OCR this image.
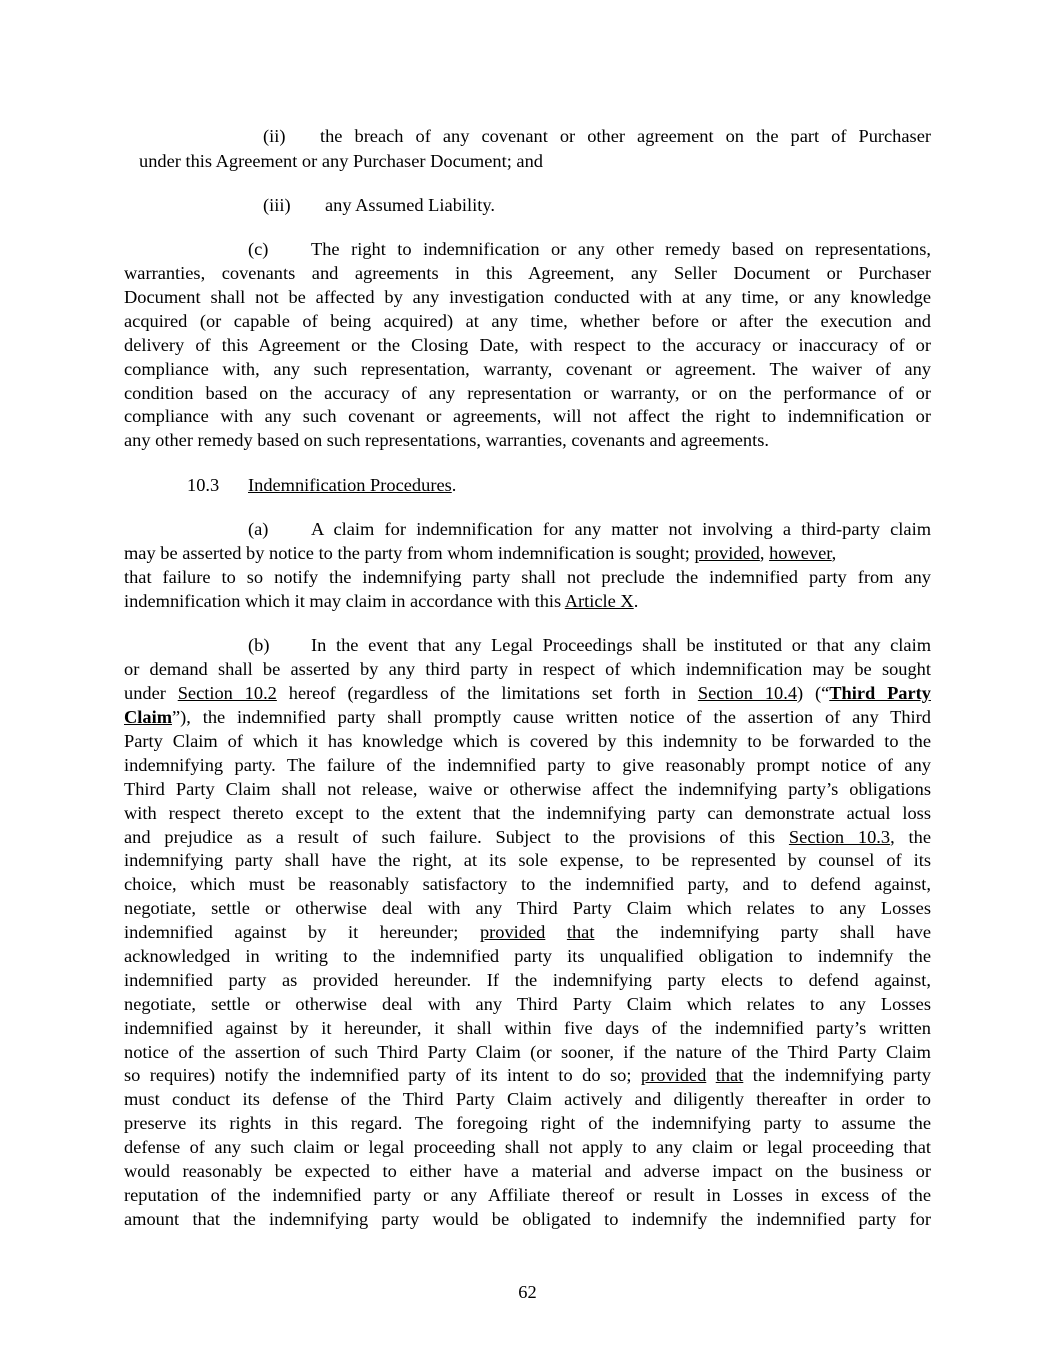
(ii) the breach of any covenant or other agreement on the part of Purchaser
under this Agreement or any Purchaser Document; and
(iii) any Assumed Liability.
(c) The right to indemnification or any other remedy based on representations,
warranties, covenants and agreements in this Agreement, any Seller Document or Purchaser
Document shall not be affected by any investigation conducted with at any time, or any knowledge
acquired (or capable of being acquired) at any time, whether before or after the execution and
delivery of this Agreement or the Closing Date, with respect to the accuracy or inaccuracy of or
compliance with, any such representation, warranty, covenant or agreement. The waiver of any
condition based on the accuracy of any representation or warranty, or on the performance of or
compliance with any such covenant or agreements, will not affect the right to indemnification or
any other remedy based on such representations, warranties, covenants and agreements.
10.3 Indemnification Procedures.
(a) A claim for indemnification for any matter not involving a third-party claim
may be asserted by notice to the party from whom indemnification is sought; provided, however,
that failure to so notify the indemnifying party shall not preclude the indemnified party from any
indemnification which it may claim in accordance with this Article X.
(b) In the event that any Legal Proceedings shall be instituted or that any claim
or demand shall be asserted by any third party in respect of which indemnification may be sought
under Section 10.2 hereof (regardless of the limitations set forth in Section 10.4) (“Third Party
Claim”), the indemnified party shall promptly cause written notice of the assertion of any Third
Party Claim of which it has knowledge which is covered by this indemnity to be forwarded to the
indemnifying party. The failure of the indemnified party to give reasonably prompt notice of any
Third Party Claim shall not release, waive or otherwise affect the indemnifying party’s obligations
with respect thereto except to the extent that the indemnifying party can demonstrate actual loss
and prejudice as a result of such failure. Subject to the provisions of this Section 10.3, the
indemnifying party shall have the right, at its sole expense, to be represented by counsel of its
choice, which must be reasonably satisfactory to the indemnified party, and to defend against,
negotiate, settle or otherwise deal with any Third Party Claim which relates to any Losses
indemnified against by it hereunder; provided that the indemnifying party shall have
acknowledged in writing to the indemnified party its unqualified obligation to indemnify the
indemnified party as provided hereunder. If the indemnifying party elects to defend against,
negotiate, settle or otherwise deal with any Third Party Claim which relates to any Losses
indemnified against by it hereunder, it shall within five days of the indemnified party’s written
notice of the assertion of such Third Party Claim (or sooner, if the nature of the Third Party Claim
so requires) notify the indemnified party of its intent to do so; provided that the indemnifying party
must conduct its defense of the Third Party Claim actively and diligently thereafter in order to
preserve its rights in this regard. The foregoing right of the indemnifying party to assume the
defense of any such claim or legal proceeding shall not apply to any claim or legal proceeding that
would reasonably be expected to either have a material and adverse impact on the business or
reputation of the indemnified party or any Affiliate thereof or result in Losses in excess of the
amount that the indemnifying party would be obligated to indemnify the indemnified party for
62
